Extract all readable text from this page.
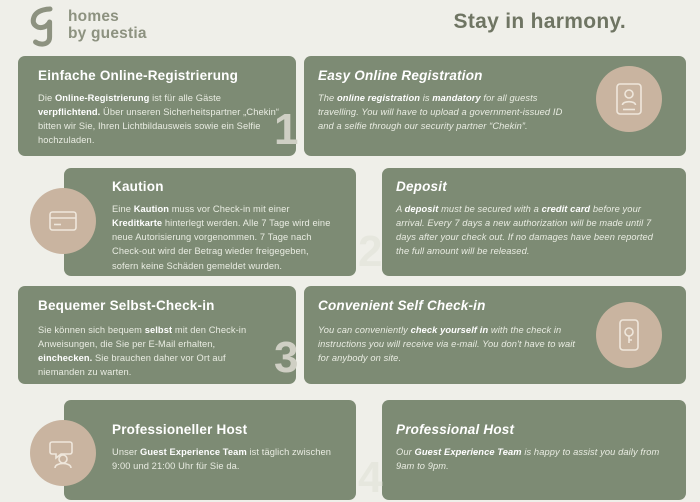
homes
by guestia
Stay in harmony.
Einfache Online-Registrierung
Die Online-Registrierung ist für alle Gäste verpflichtend. Über unseren Sicherheitspartner „Chekin“ bitten wir Sie, Ihren Lichtbildausweis sowie ein Selfie hochzuladen.
Easy Online Registration
The online registration is mandatory for all guests travelling. You will have to upload a government-issued ID and a selfie through our security partner “Chekin”.
1
Kaution
Eine Kaution muss vor Check-in mit einer Kreditkarte hinterlegt werden. Alle 7 Tage wird eine neue Autorisierung vorgenommen. 7 Tage nach Check-out wird der Betrag wieder freigegeben, sofern keine Schäden gemeldet wurden.
Deposit
A deposit must be secured with a credit card before your arrival. Every 7 days a new authorization will be made until 7 days after your check out. If no damages have been reported the full amount will be released.
2
Bequemer Selbst-Check-in
Sie können sich bequem selbst mit den Check-in Anweisungen, die Sie per E-Mail erhalten, einchecken. Sie brauchen daher vor Ort auf niemanden zu warten.
Convenient Self Check-in
You can conveniently check yourself in with the check in instructions you will receive via e-mail. You don't have to wait for anybody on site.
3
Professioneller Host
Unser Guest Experience Team ist täglich zwischen 9:00 und 21:00 Uhr für Sie da.
Professional Host
Our Guest Experience Team is happy to assist you daily from 9am to 9pm.
4
